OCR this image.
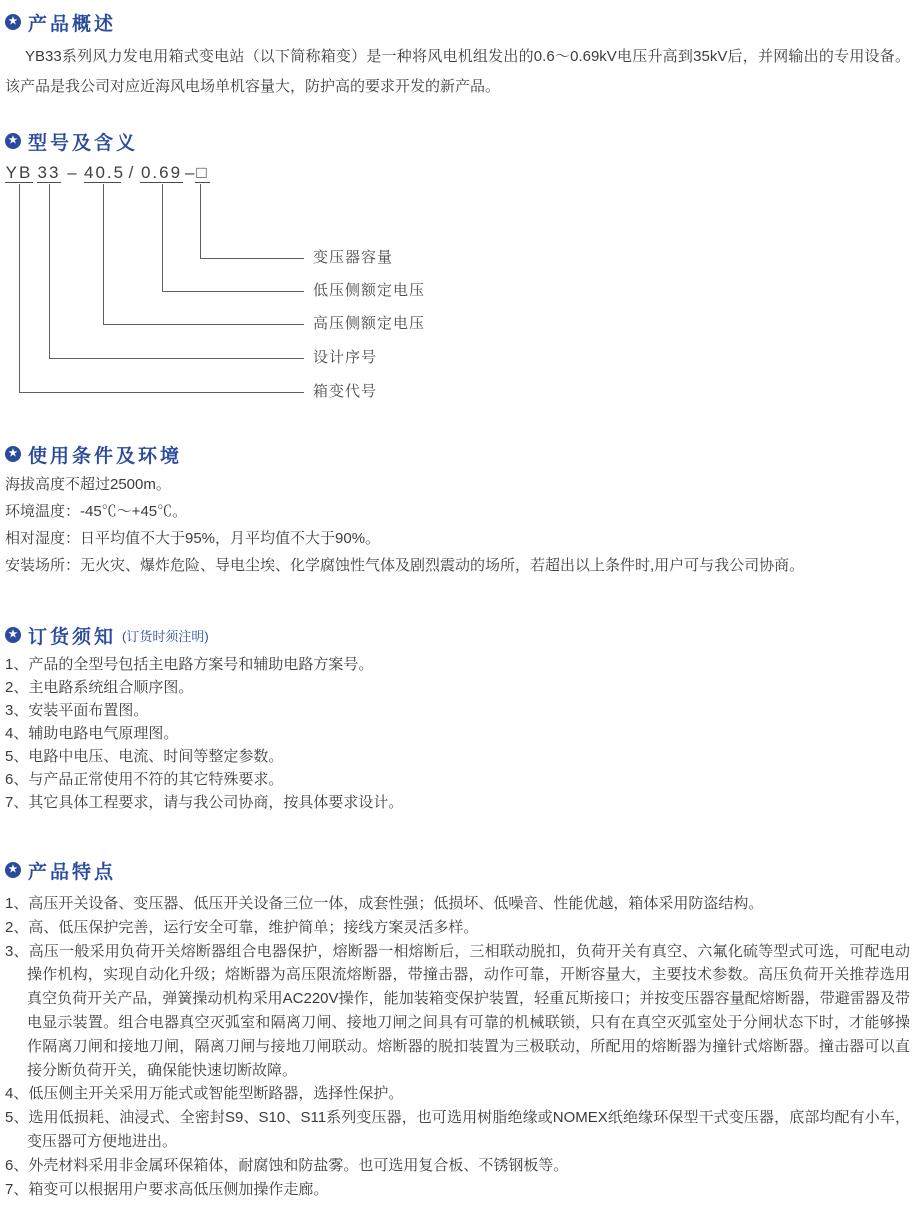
★ 产品概述

YB33系列风力发电用箱式变电站（以下简称箱变）是一种将风电机组发出的0.6～0.69kV电压升高到35kV后，并网输出的专用设备。该产品是我公司对应近海风电场单机容量大，防护高的要求开发的新产品。

★ 型号及含义
YB 33 – 40.5 / 0.69 – □
变压器容量
低压侧额定电压
高压侧额定电压
设计序号
箱变代号
★ 使用条件及环境
海拔高度不超过2500m。
环境温度：-45℃～+45℃。
相对湿度：日平均值不大于95%，月平均值不大于90%。
安装场所：无火灾、爆炸危险、导电尘埃、化学腐蚀性气体及剧烈震动的场所，若超出以上条件时,用户可与我公司协商。
★ 订货须知 (订货时须注明)
1、产品的全型号包括主电路方案号和辅助电路方案号。
2、主电路系统组合顺序图。
3、安装平面布置图。
4、辅助电路电气原理图。
5、电路中电压、电流、时间等整定参数。
6、与产品正常使用不符的其它特殊要求。
7、其它具体工程要求，请与我公司协商，按具体要求设计。
★ 产品特点
1、高压开关设备、变压器、低压开关设备三位一体，成套性强；低损坏、低噪音、性能优越，箱体采用防盗结构。
2、高、低压保护完善，运行安全可靠，维护简单；接线方案灵活多样。
3、高压一般采用负荷开关熔断器组合电器保护，熔断器一相熔断后，三相联动脱扣，负荷开关有真空、六氟化硫等型式可选，可配电动操作机构，实现自动化升级；熔断器为高压限流熔断器，带撞击器，动作可靠，开断容量大，主要技术参数。高压负荷开关推荐选用真空负荷开关产品，弹簧操动机构采用AC220V操作，能加装箱变保护装置，轻重瓦斯接口；并按变压器容量配熔断器，带避雷器及带电显示装置。组合电器真空灭弧室和隔离刀闸、接地刀闸之间具有可靠的机械联锁，只有在真空灭弧室处于分闸状态下时，才能够操作隔离刀闸和接地刀闸，隔离刀闸与接地刀闸联动。熔断器的脱扣装置为三极联动，所配用的熔断器为撞针式熔断器。撞击器可以直接分断负荷开关，确保能快速切断故障。
4、低压侧主开关采用万能式或智能型断路器，选择性保护。
5、选用低损耗、油浸式、全密封S9、S10、S11系列变压器，也可选用树脂绝缘或NOMEX纸绝缘环保型干式变压器，底部均配有小车，变压器可方便地进出。
6、外壳材料采用非金属环保箱体，耐腐蚀和防盐雾。也可选用复合板、不锈钢板等。
7、箱变可以根据用户要求高低压侧加操作走廊。
